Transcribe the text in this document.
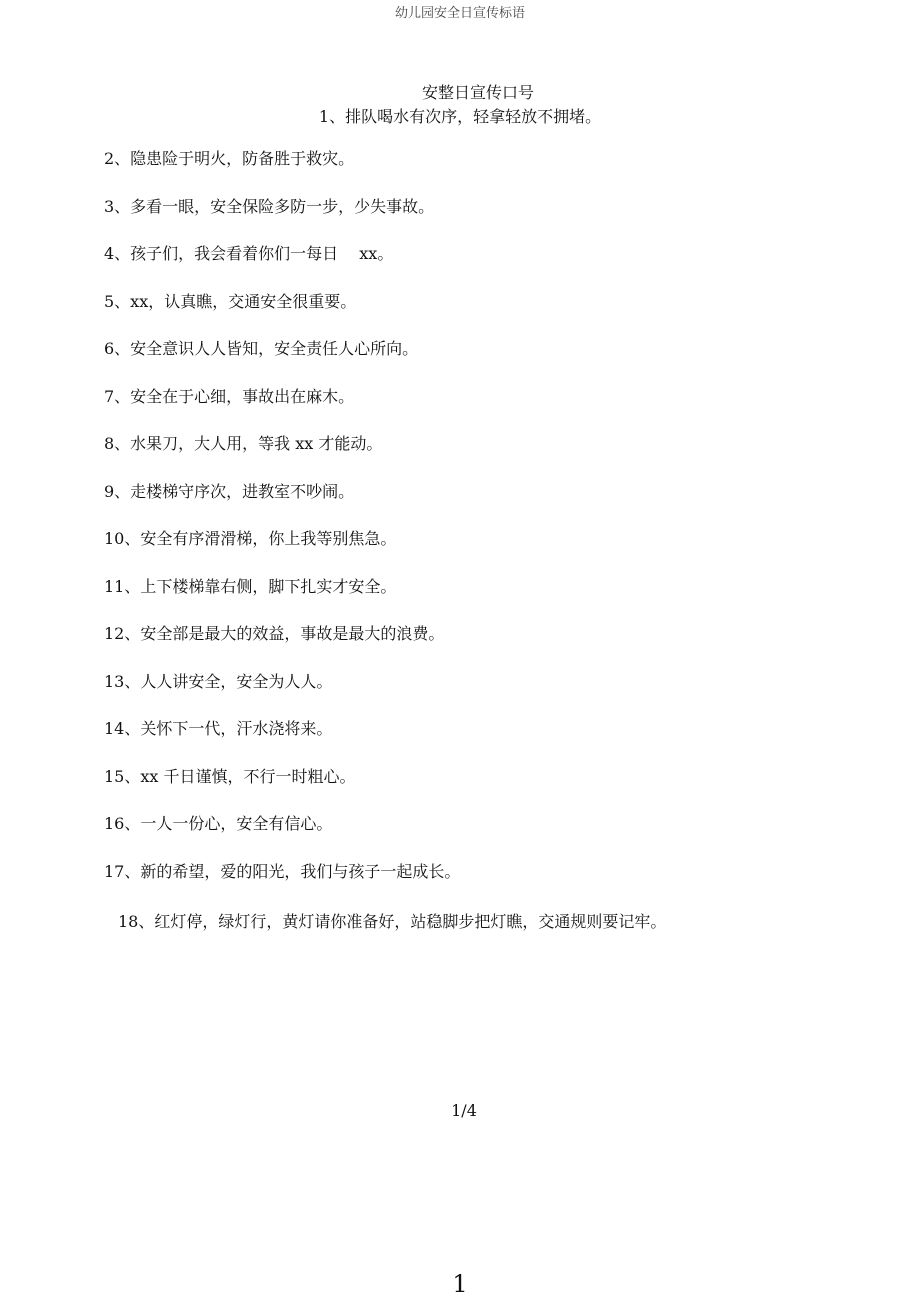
幼儿园安全日宣传标语
安整日宣传口号
1、排队喝水有次序，轻拿轻放不拥堵。
2、隐患险于明火，防备胜于救灾。
3、多看一眼，安全保险多防一步，少失事故。
4、孩子们，我会看着你们一每日　 xx。
5、xx，认真瞧，交通安全很重要。
6、安全意识人人皆知，安全责任人心所向。
7、安全在于心细，事故出在麻木。
8、水果刀，大人用，等我 xx 才能动。
9、走楼梯守序次，进教室不吵闹。
10、安全有序滑滑梯，你上我等别焦急。
11、上下楼梯靠右侧，脚下扎实才安全。
12、安全部是最大的效益，事故是最大的浪费。
13、人人讲安全，安全为人人。
14、关怀下一代，汗水浇将来。
15、xx 千日谨慎，不行一时粗心。
16、一人一份心，安全有信心。
17、新的希望，爱的阳光，我们与孩子一起成长。
18、红灯停，绿灯行，黄灯请你准备好，站稳脚步把灯瞧，交通规则要记牢。
1/4
1
